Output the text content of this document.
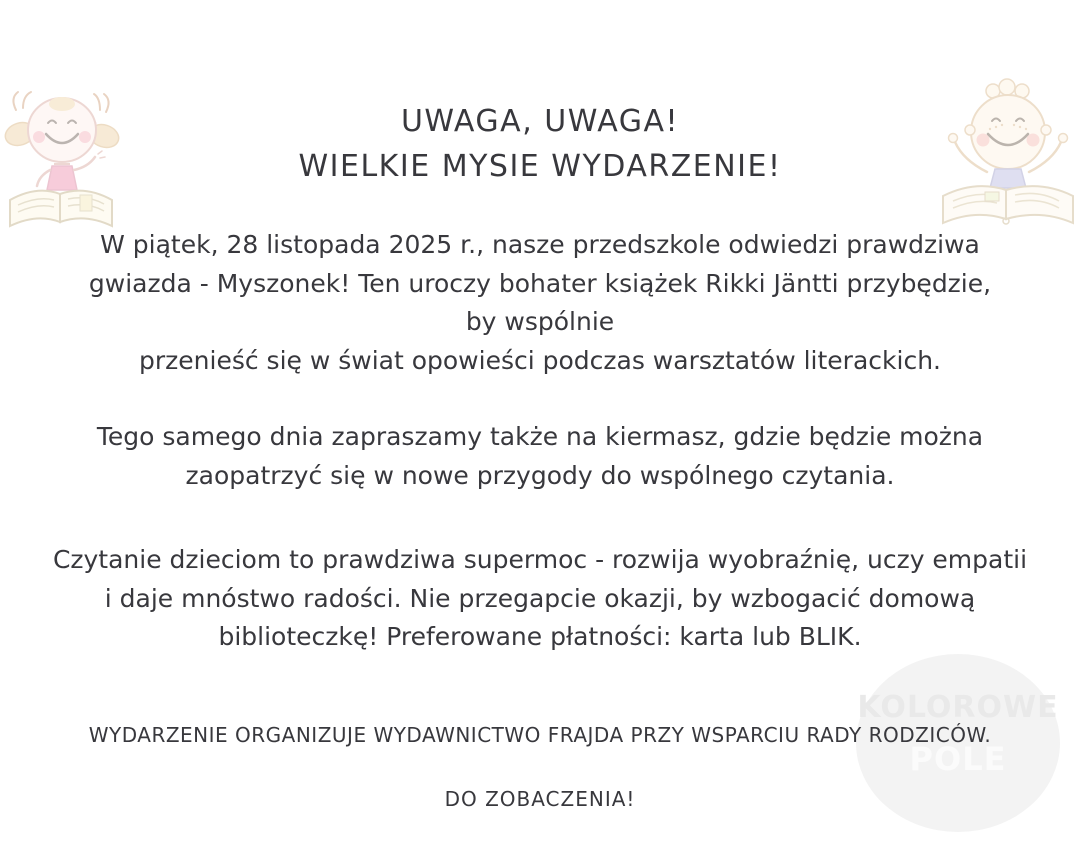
KOLOROWE
POLE
UWAGA, UWAGA!
WIELKIE MYSIE WYDARZENIE!
W piątek, 28 listopada 2025 r., nasze przedszkole odwiedzi prawdziwa
gwiazda - Myszonek! Ten uroczy bohater książek Rikki Jäntti przybędzie,
by wspólnie
przenieść się w świat opowieści podczas warsztatów literackich.
Tego samego dnia zapraszamy także na kiermasz, gdzie będzie można
zaopatrzyć się w nowe przygody do wspólnego czytania.
Czytanie dzieciom to prawdziwa supermoc - rozwija wyobraźnię, uczy empatii
i daje mnóstwo radości. Nie przegapcie okazji, by wzbogacić domową
biblioteczkę! Preferowane płatności: karta lub BLIK.
WYDARZENIE ORGANIZUJE WYDAWNICTWO FRAJDA PRZY WSPARCIU RADY RODZICÓW.
DO ZOBACZENIA!
